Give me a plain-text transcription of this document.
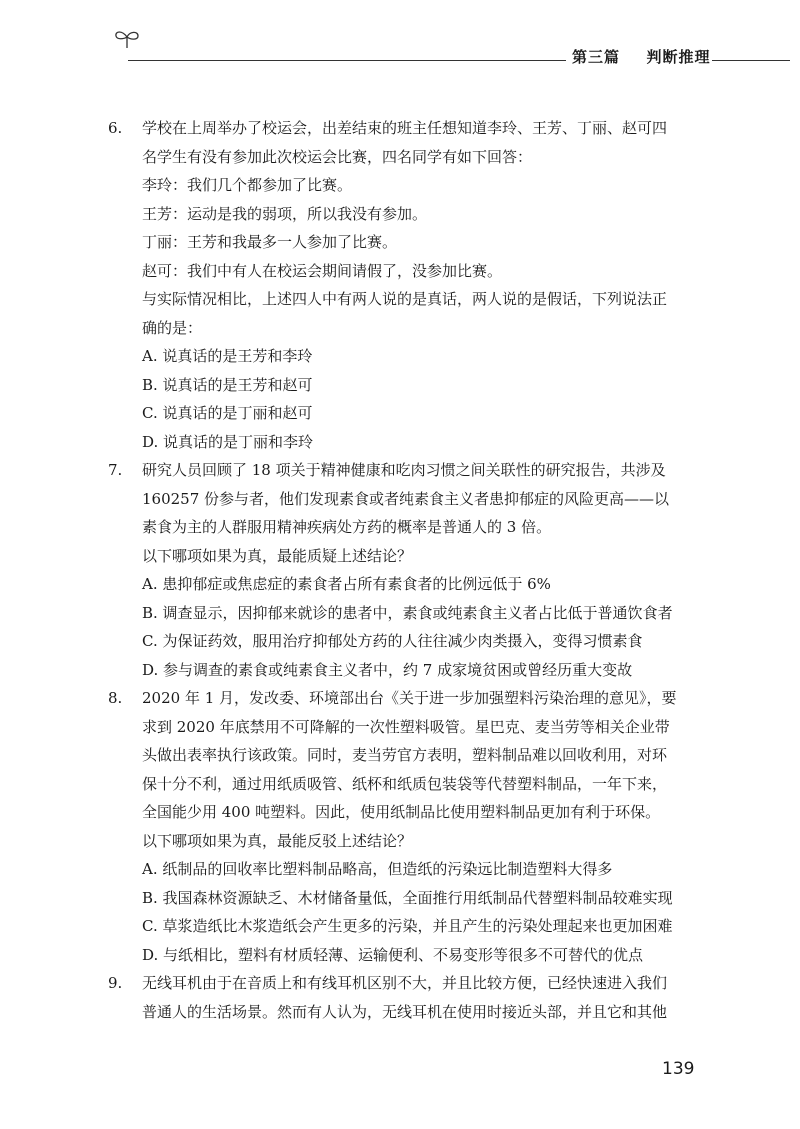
第三篇 判断推理
6. 学校在上周举办了校运会，出差结束的班主任想知道李玲、王芳、丁丽、赵可四
名学生有没有参加此次校运会比赛，四名同学有如下回答：
李玲：我们几个都参加了比赛。
王芳：运动是我的弱项，所以我没有参加。
丁丽：王芳和我最多一人参加了比赛。
赵可：我们中有人在校运会期间请假了，没参加比赛。
与实际情况相比，上述四人中有两人说的是真话，两人说的是假话，下列说法正
确的是：
A. 说真话的是王芳和李玲
B. 说真话的是王芳和赵可
C. 说真话的是丁丽和赵可
D. 说真话的是丁丽和李玲
7. 研究人员回顾了 18 项关于精神健康和吃肉习惯之间关联性的研究报告，共涉及
160257 份参与者，他们发现素食或者纯素食主义者患抑郁症的风险更高——以
素食为主的人群服用精神疾病处方药的概率是普通人的 3 倍。
以下哪项如果为真，最能质疑上述结论？
A. 患抑郁症或焦虑症的素食者占所有素食者的比例远低于 6%
B. 调查显示，因抑郁来就诊的患者中，素食或纯素食主义者占比低于普通饮食者
C. 为保证药效，服用治疗抑郁处方药的人往往减少肉类摄入，变得习惯素食
D. 参与调查的素食或纯素食主义者中，约 7 成家境贫困或曾经历重大变故
8. 2020 年 1 月，发改委、环境部出台《关于进一步加强塑料污染治理的意见》，要
求到 2020 年底禁用不可降解的一次性塑料吸管。星巴克、麦当劳等相关企业带
头做出表率执行该政策。同时，麦当劳官方表明，塑料制品难以回收利用，对环
保十分不利，通过用纸质吸管、纸杯和纸质包装袋等代替塑料制品，一年下来，
全国能少用 400 吨塑料。因此，使用纸制品比使用塑料制品更加有利于环保。
以下哪项如果为真，最能反驳上述结论？
A. 纸制品的回收率比塑料制品略高，但造纸的污染远比制造塑料大得多
B. 我国森林资源缺乏、木材储备量低，全面推行用纸制品代替塑料制品较难实现
C. 草浆造纸比木浆造纸会产生更多的污染，并且产生的污染处理起来也更加困难
D. 与纸相比，塑料有材质轻薄、运输便利、不易变形等很多不可替代的优点
9. 无线耳机由于在音质上和有线耳机区别不大，并且比较方便，已经快速进入我们
普通人的生活场景。然而有人认为，无线耳机在使用时接近头部，并且它和其他
139
